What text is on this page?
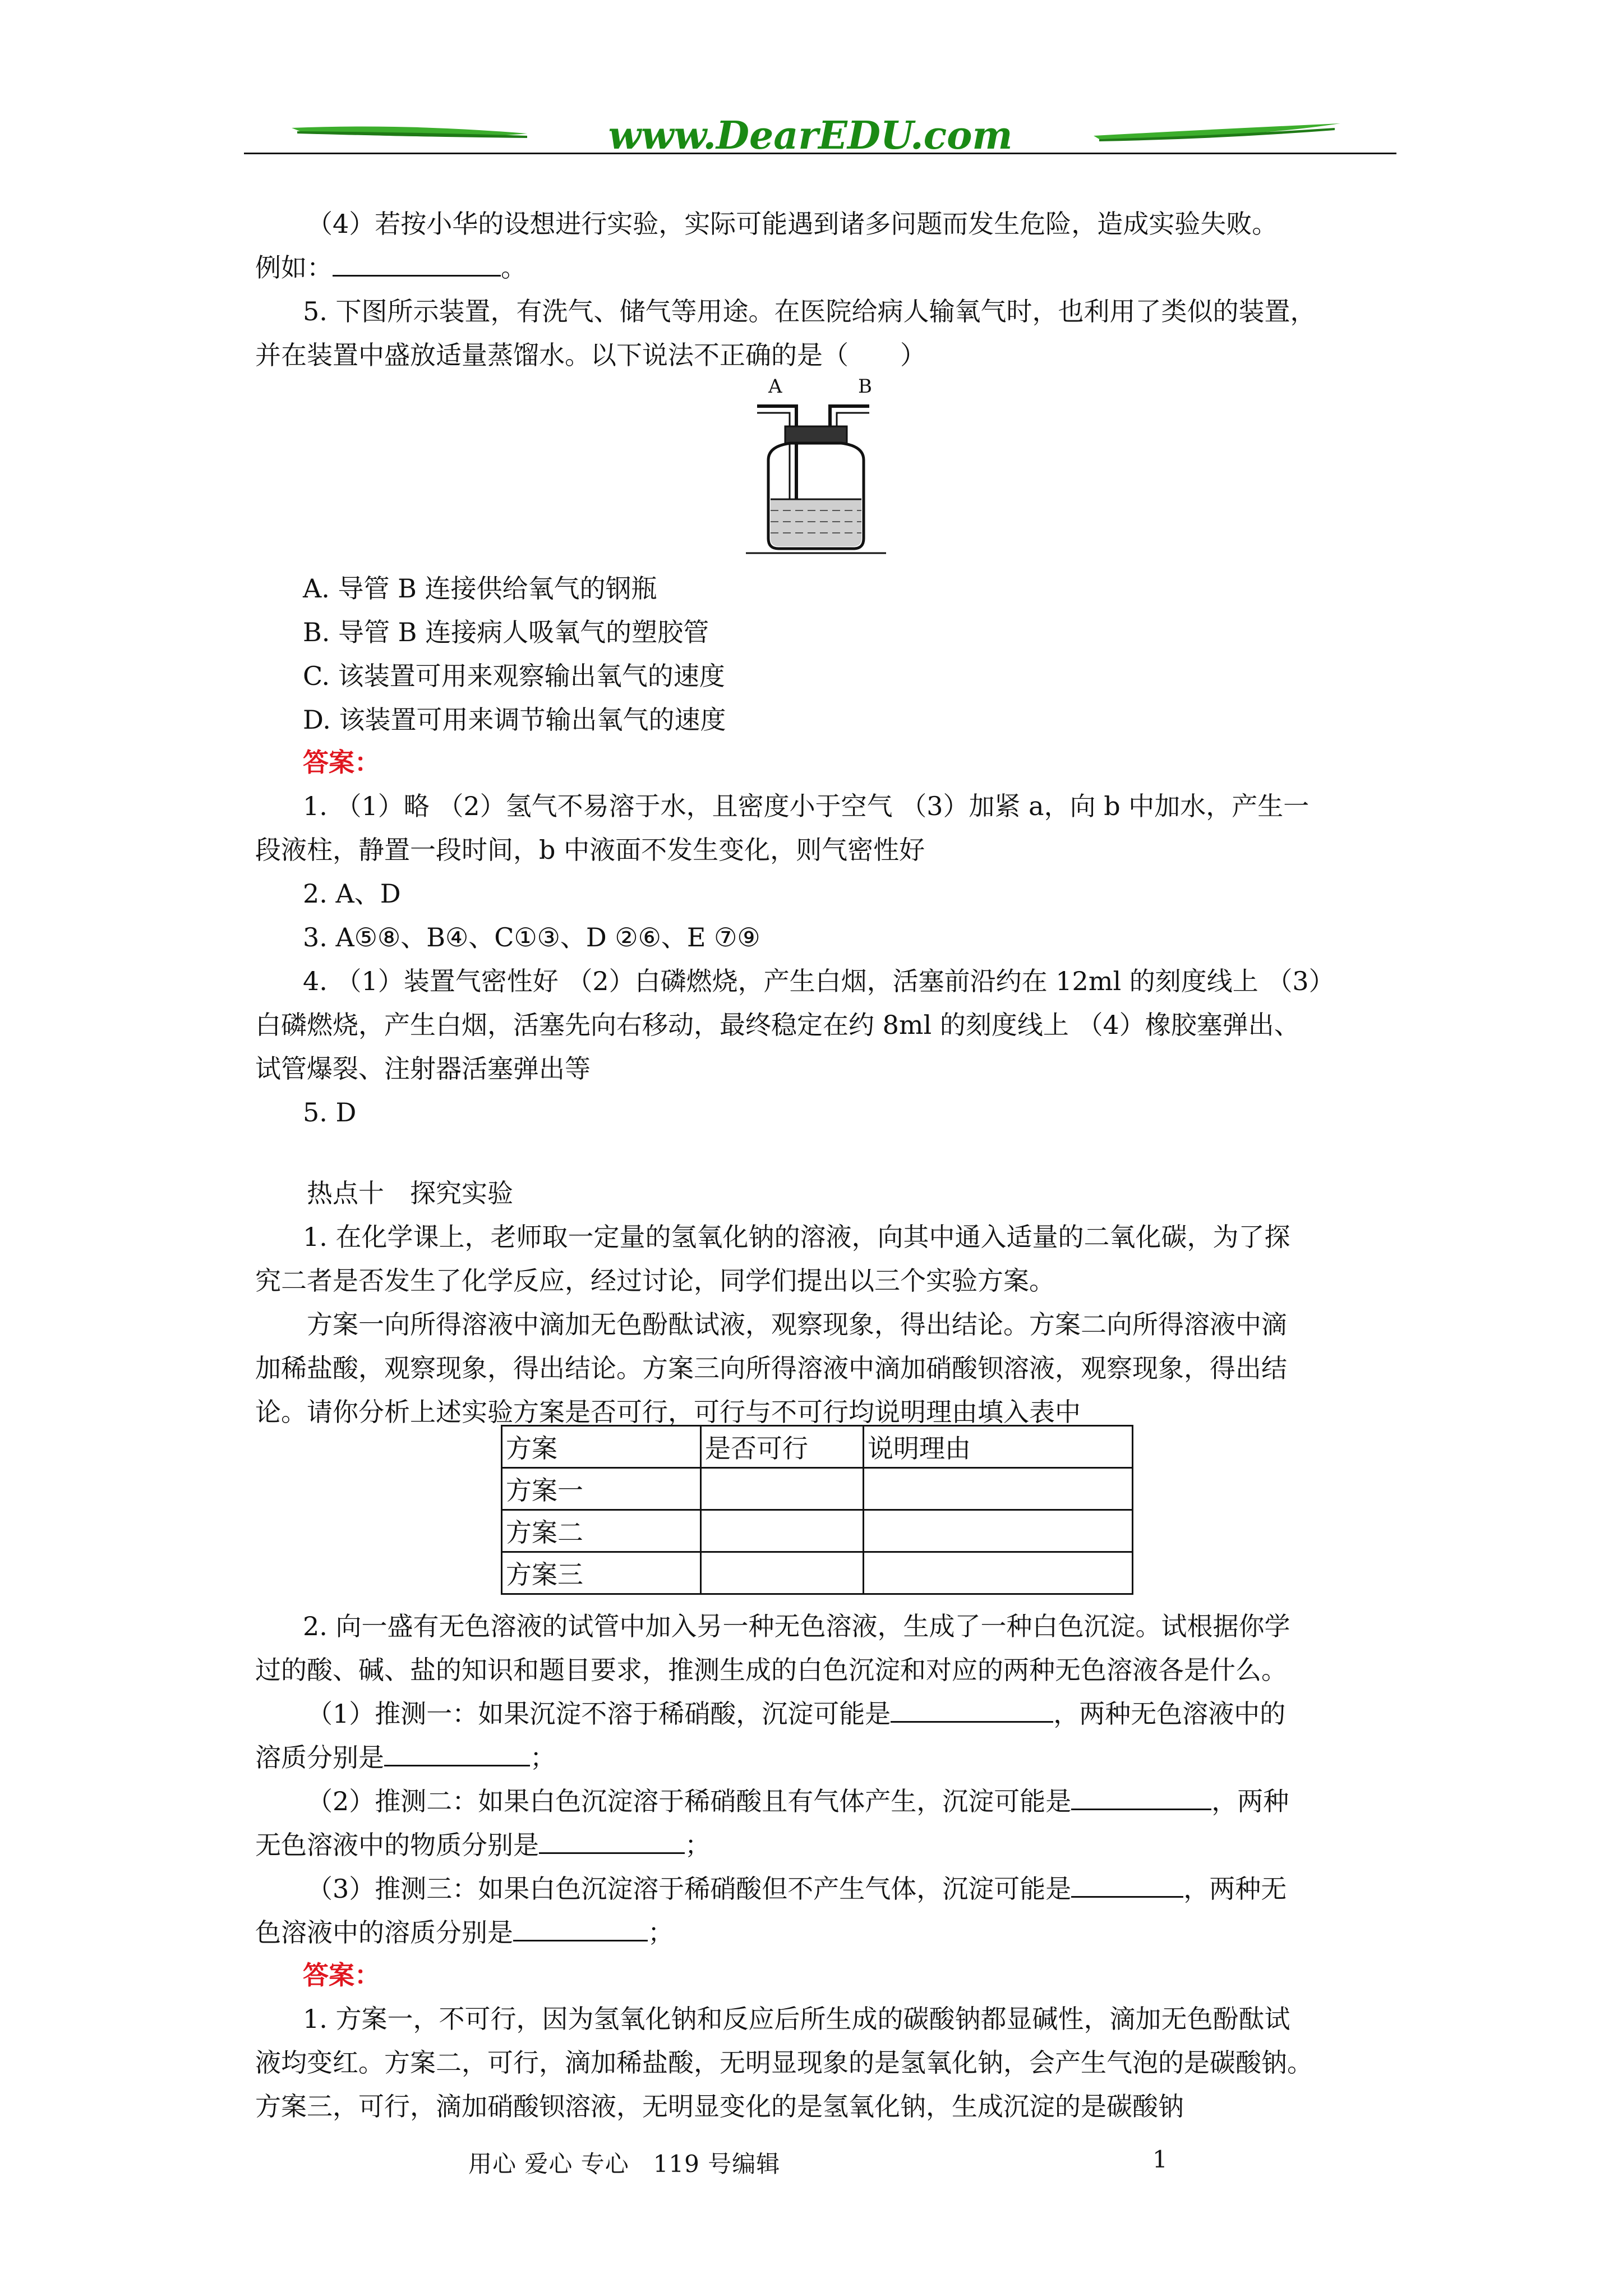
www.DearEDU.com

（4）若按小华的设想进行实验，实际可能遇到诸多问题而发生危险，造成实验失败。

例如：	。

5. 下图所示装置，有洗气、储气等用途。在医院给病人输氧气时，也利用了类似的装置，

并在装置中盛放适量蒸馏水。以下说法不正确的是（　　）

A	B

A. 导管 B 连接供给氧气的钢瓶

B. 导管 B 连接病人吸氧气的塑胶管

C. 该装置可用来观察输出氧气的速度

D. 该装置可用来调节输出氧气的速度

答案：

1. （1）略 （2）氢气不易溶于水，且密度小于空气 （3）加紧 a，向 b 中加水，产生一

段液柱，静置一段时间，b 中液面不发生变化，则气密性好

2. A、D

3. A⑤⑧、B④、C①③、D ②⑥、E ⑦⑨

4. （1）装置气密性好 （2）白磷燃烧，产生白烟，活塞前沿约在 12ml 的刻度线上 （3）

白磷燃烧，产生白烟，活塞先向右移动，最终稳定在约 8ml 的刻度线上 （4）橡胶塞弹出、

试管爆裂、注射器活塞弹出等

5. D

热点十　探究实验

1. 在化学课上，老师取一定量的氢氧化钠的溶液，向其中通入适量的二氧化碳，为了探

究二者是否发生了化学反应，经过讨论，同学们提出以三个实验方案。

方案一向所得溶液中滴加无色酚酞试液，观察现象，得出结论。方案二向所得溶液中滴

加稀盐酸，观察现象，得出结论。方案三向所得溶液中滴加硝酸钡溶液，观察现象，得出结

论。请你分析上述实验方案是否可行，可行与不可行均说明理由填入表中

方案	是否可行	说明理由
方案一		
方案二		
方案三		

2. 向一盛有无色溶液的试管中加入另一种无色溶液，生成了一种白色沉淀。试根据你学

过的酸、碱、盐的知识和题目要求，推测生成的白色沉淀和对应的两种无色溶液各是什么。

（1）推测一：如果沉淀不溶于稀硝酸，沉淀可能是	，两种无色溶液中的

溶质分别是	；

（2）推测二：如果白色沉淀溶于稀硝酸且有气体产生，沉淀可能是	，两种

无色溶液中的物质分别是	；

（3）推测三：如果白色沉淀溶于稀硝酸但不产生气体，沉淀可能是	，两种无

色溶液中的溶质分别是	；

答案：

1. 方案一，不可行，因为氢氧化钠和反应后所生成的碳酸钠都显碱性，滴加无色酚酞试

液均变红。方案二，可行，滴加稀盐酸，无明显现象的是氢氧化钠，会产生气泡的是碳酸钠。

方案三，可行，滴加硝酸钡溶液，无明显变化的是氢氧化钠，生成沉淀的是碳酸钠

用心 爱心 专心　119 号编辑	1
